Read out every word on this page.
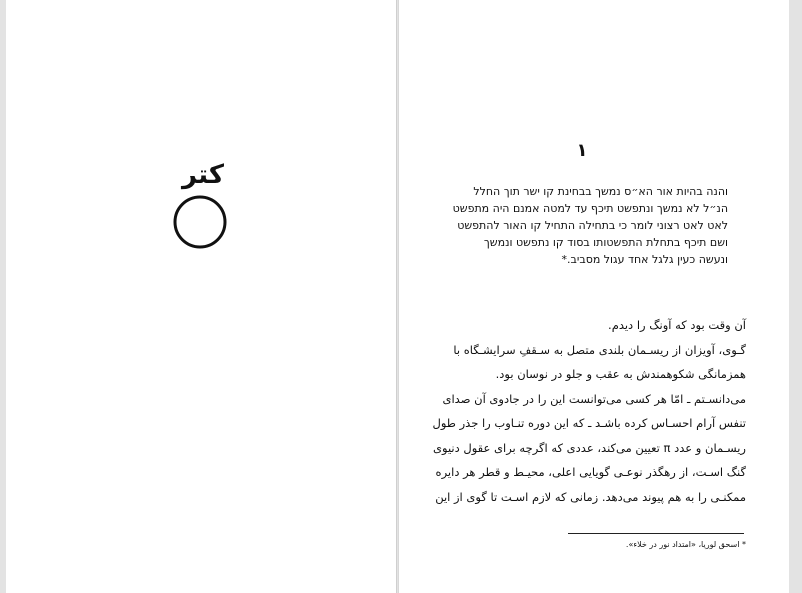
کتر
۱
והנה בהיות אור הא״ס נמשך בבחינת קו ישר תוך החלל
הנ״ל לא נמשך ונתפשט תיכף עד למטה אמנם היה מתפשט
לאט לאט רצוני לומר כי בתחילה התחיל קו האור להתפשט
ושם תיכף בתחלת התפשטותו בסוד קו נתפשט ונמשך
ונעשה כעין גלגל אחד עגול מסביב.*
آن وقت بود که آونگ را دیدم.
گـوی، آویزان از ریسـمان بلندی متصل به سـقفِ سرایشـگاه با
همزمانگی شکوهمندش به عقب و جلو در نوسان بود.
می‌دانسـتم ـ امّا هر کسی می‌توانست این را در جادوی آن صدای
تنفس آرام احسـاس کرده باشـد ـ که این دوره تنـاوب را جذر طول
ریسـمان و عدد π تعیین می‌کند، عددی که اگرچه برای عقول دنیوی
گنگ اسـت، از رهگذر نوعـی گویایی اعلی، محیـط و قطر هر دایره
ممکنـی را به هم پیوند می‌دهد. زمانی که لازم اسـت تا گوی از این
* اسحق لوریا، «امتداد نور در خلاء».
